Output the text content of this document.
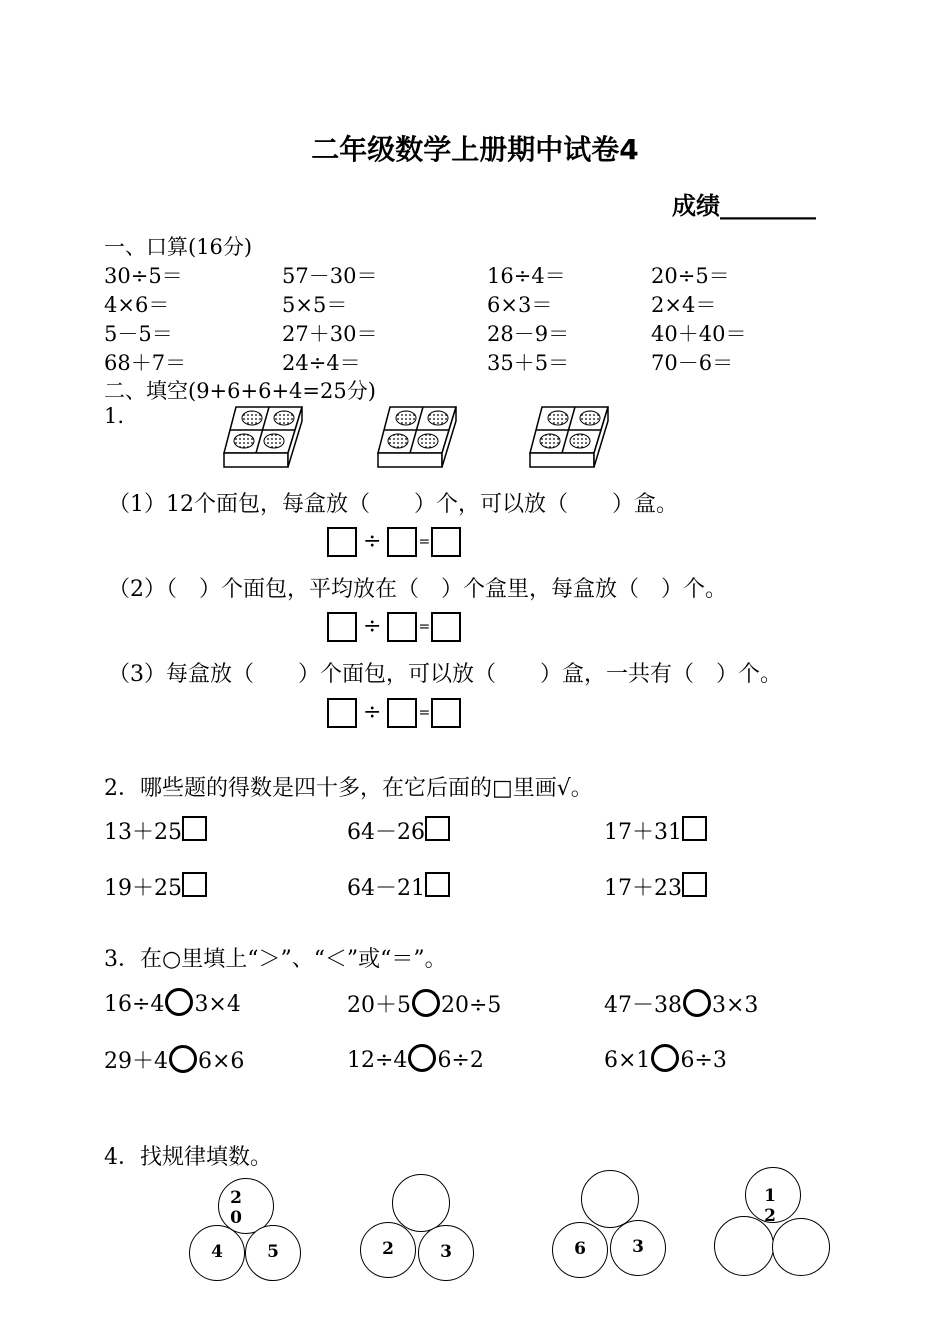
二年级数学上册期中试卷4
成绩________
一、口算(16分)
30÷5＝	57－30＝	16÷4＝	20÷5＝
4×6＝	5×5＝	6×3＝	2×4＝
5－5＝	27＋30＝	28－9＝	40＋40＝
68＋7＝	24÷4＝	35＋5＝	70－6＝
二、填空(9+6+6+4=25分)
1.
（1）12个面包，每盒放（　　）个，可以放（　　）盒。
÷	=
（2）（　）个面包，平均放在（　）个盒里，每盒放（　）个。
÷	=
（3）每盒放（　　）个面包，可以放（　　）盒，一共有（　）个。
÷	=
2．哪些题的得数是四十多，在它后面的□里画√。
13＋25	64－26	17＋31
19＋25	64－21	17＋23
3．在○里填上“＞”、“＜”或“＝”。
16÷4 3×4	20＋5 20÷5	47－38 3×3
29＋4 6×6	12÷4 6÷2	6×1 6÷3
4．找规律填数。
20
4	5	2	3	6	3
12
